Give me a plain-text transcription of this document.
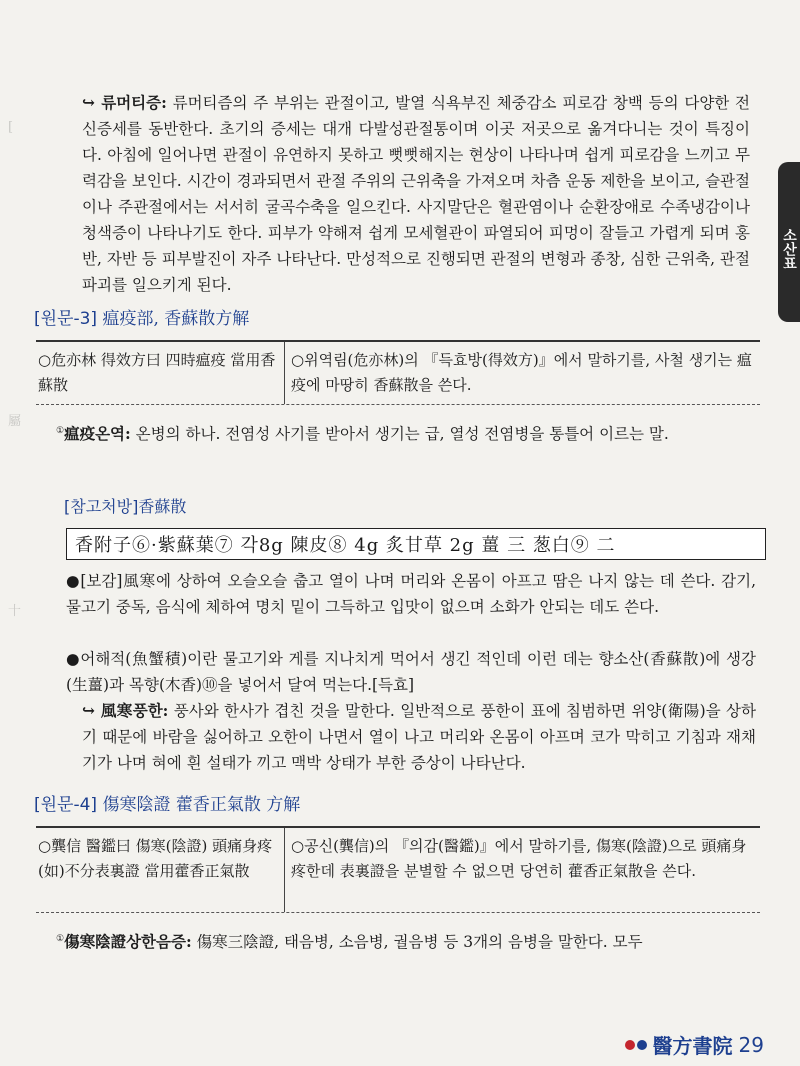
[
屬
十
소산표
↪ 류머티증: 류머티즘의 주 부위는 관절이고, 발열 식욕부진 체중감소 피로감 창백 등의 다양한 전신증세를 동반한다. 초기의 증세는 대개 다발성관절통이며 이곳 저곳으로 옮겨다니는 것이 특징이다. 아침에 일어나면 관절이 유연하지 못하고 뻣뻣해지는 현상이 나타나며 쉽게 피로감을 느끼고 무력감을 보인다. 시간이 경과되면서 관절 주위의 근위축을 가져오며 차츰 운동 제한을 보이고, 슬관절이나 주관절에서는 서서히 굴곡수축을 일으킨다. 사지말단은 혈관염이나 순환장애로 수족냉감이나 청색증이 나타나기도 한다. 피부가 약해져 쉽게 모세혈관이 파열되어 피멍이 잘들고 가렵게 되며 홍반, 자반 등 피부발진이 자주 나타난다. 만성적으로 진행되면 관절의 변형과 종창, 심한 근위축, 관절파괴를 일으키게 된다.
[원문-3] 瘟疫部, 香蘇散方解
○危亦林 得效方曰 四時瘟疫 當用香蘇散
○위역림(危亦林)의 『득효방(得效方)』에서 말하기를, 사철 생기는 瘟疫에 마땅히 香蘇散을 쓴다.
①瘟疫온역: 온병의 하나. 전염성 사기를 받아서 생기는 급, 열성 전염병을 통틀어 이르는 말.
[참고처방]香蘇散
香附子⑥·紫蘇葉⑦ 각8g 陳皮⑧ 4g 炙甘草 2g 薑 三 葱白⑨ 二
●[보감]風寒에 상하여 오슬오슬 춥고 열이 나며 머리와 온몸이 아프고 땀은 나지 않는 데 쓴다. 감기, 물고기 중독, 음식에 체하여 명치 밑이 그득하고 입맛이 없으며 소화가 안되는 데도 쓴다.
●어해적(魚蟹積)이란 물고기와 게를 지나치게 먹어서 생긴 적인데 이런 데는 향소산(香蘇散)에 생강(生薑)과 목향(木香)⑩을 넣어서 달여 먹는다.[득효]
↪ 風寒풍한: 풍사와 한사가 겹친 것을 말한다. 일반적으로 풍한이 표에 침범하면 위양(衛陽)을 상하기 때문에 바람을 싫어하고 오한이 나면서 열이 나고 머리와 온몸이 아프며 코가 막히고 기침과 재채기가 나며 혀에 흰 설태가 끼고 맥박 상태가 부한 증상이 나타난다.
[원문-4] 傷寒陰證 藿香正氣散 方解
○龔信 醫鑑曰 傷寒(陰證) 頭痛身疼 (如)不分表裏證 當用藿香正氣散
○공신(龔信)의 『의감(醫鑑)』에서 말하기를, 傷寒(陰證)으로 頭痛身疼한데 表裏證을 분별할 수 없으면 당연히 藿香正氣散을 쓴다.
①傷寒陰證상한음증: 傷寒三陰證, 태음병, 소음병, 궐음병 등 3개의 음병을 말한다. 모두
醫方書院 29
